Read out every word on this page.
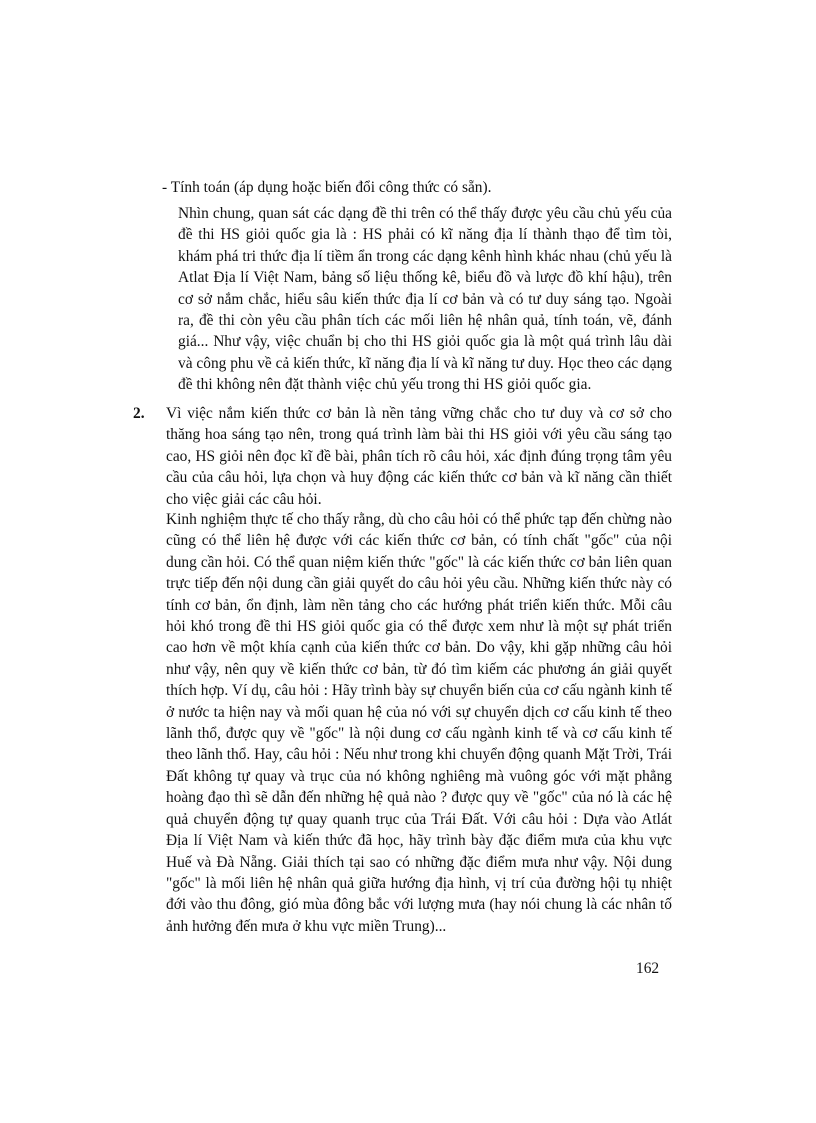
- Tính toán (áp dụng hoặc biến đổi công thức có sẵn).

Nhìn chung, quan sát các dạng đề thi trên có thể thấy được yêu cầu chủ yếu của đề thi HS giỏi quốc gia là : HS phải có kĩ năng địa lí thành thạo để tìm tòi, khám phá tri thức địa lí tiềm ẩn trong các dạng kênh hình khác nhau (chủ yếu là Atlat Địa lí Việt Nam, bảng số liệu thống kê, biểu đồ và lược đồ khí hậu), trên cơ sở nắm chắc, hiểu sâu kiến thức địa lí cơ bản và có tư duy sáng tạo. Ngoài ra, đề thi còn yêu cầu phân tích các mối liên hệ nhân quả, tính toán, vẽ, đánh giá... Như vậy, việc chuẩn bị cho thi HS giỏi quốc gia là một quá trình lâu dài và công phu về cả kiến thức, kĩ năng địa lí và kĩ năng tư duy. Học theo các dạng đề thi không nên đặt thành việc chủ yếu trong thi HS giỏi quốc gia.

2. Vì việc nắm kiến thức cơ bản là nền tảng vững chắc cho tư duy và cơ sở cho thăng hoa sáng tạo nên, trong quá trình làm bài thi HS giỏi với yêu cầu sáng tạo cao, HS giỏi nên đọc kĩ đề bài, phân tích rõ câu hỏi, xác định đúng trọng tâm yêu cầu của câu hỏi, lựa chọn và huy động các kiến thức cơ bản và kĩ năng cần thiết cho việc giải các câu hỏi.

Kinh nghiệm thực tế cho thấy rằng, dù cho câu hỏi có thể phức tạp đến chừng nào cũng có thể liên hệ được với các kiến thức cơ bản, có tính chất "gốc" của nội dung cần hỏi. Có thể quan niệm kiến thức "gốc" là các kiến thức cơ bản liên quan trực tiếp đến nội dung cần giải quyết do câu hỏi yêu cầu. Những kiến thức này có tính cơ bản, ổn định, làm nền tảng cho các hướng phát triển kiến thức. Mỗi câu hỏi khó trong đề thi HS giỏi quốc gia có thể được xem như là một sự phát triển cao hơn về một khía cạnh của kiến thức cơ bản. Do vậy, khi gặp những câu hỏi như vậy, nên quy về kiến thức cơ bản, từ đó tìm kiếm các phương án giải quyết thích hợp. Ví dụ, câu hỏi : Hãy trình bày sự chuyển biến của cơ cấu ngành kinh tế ở nước ta hiện nay và mối quan hệ của nó với sự chuyển dịch cơ cấu kinh tế theo lãnh thổ, được quy về "gốc" là nội dung cơ cấu ngành kinh tế và cơ cấu kinh tế theo lãnh thổ. Hay, câu hỏi : Nếu như trong khi chuyển động quanh Mặt Trời, Trái Đất không tự quay và trục của nó không nghiêng mà vuông góc với mặt phẳng hoàng đạo thì sẽ dẫn đến những hệ quả nào ? được quy về "gốc" của nó là các hệ quả chuyển động tự quay quanh trục của Trái Đất. Với câu hỏi : Dựa vào Atlát Địa lí Việt Nam và kiến thức đã học, hãy trình bày đặc điểm mưa của khu vực Huế và Đà Nẵng. Giải thích tại sao có những đặc điểm mưa như vậy. Nội dung "gốc" là mối liên hệ nhân quả giữa hướng địa hình, vị trí của đường hội tụ nhiệt đới vào thu đông, gió mùa đông bắc với lượng mưa (hay nói chung là các nhân tố ảnh hưởng đến mưa ở khu vực miền Trung)...

162
